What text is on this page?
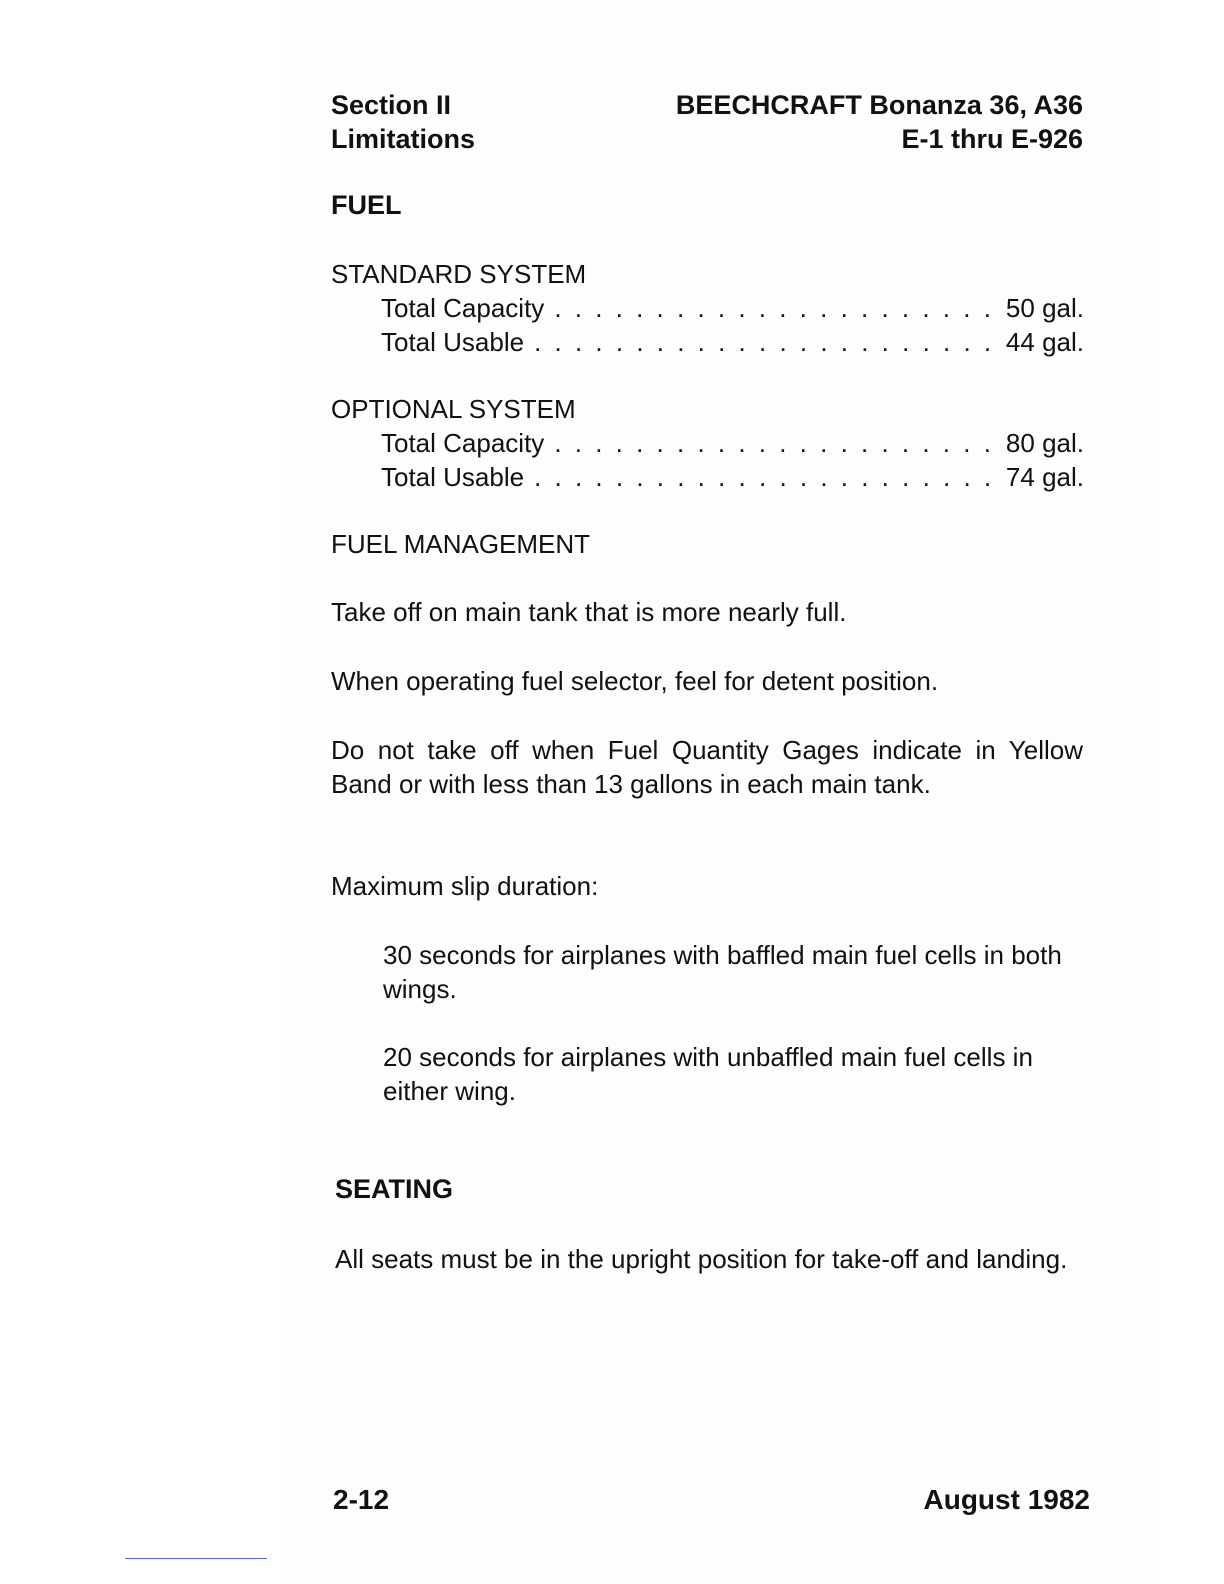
Section II
Limitations
BEECHCRAFT Bonanza 36, A36
E-1 thru E-926
FUEL
STANDARD SYSTEM
Total Capacity . . .	50 gal.
Total Usable . . .	44 gal.
OPTIONAL SYSTEM
Total Capacity . . .	80 gal.
Total Usable . . .	74 gal.
FUEL MANAGEMENT
Take off on main tank that is more nearly full.
When operating fuel selector, feel for detent position.
Do not take off when Fuel Quantity Gages indicate in Yellow Band or with less than 13 gallons in each main tank.
Maximum slip duration:
30 seconds for airplanes with baffled main fuel cells in both wings.
20 seconds for airplanes with unbaffled main fuel cells in either wing.
SEATING
All seats must be in the upright position for take-off and landing.
2-12	August 1982
